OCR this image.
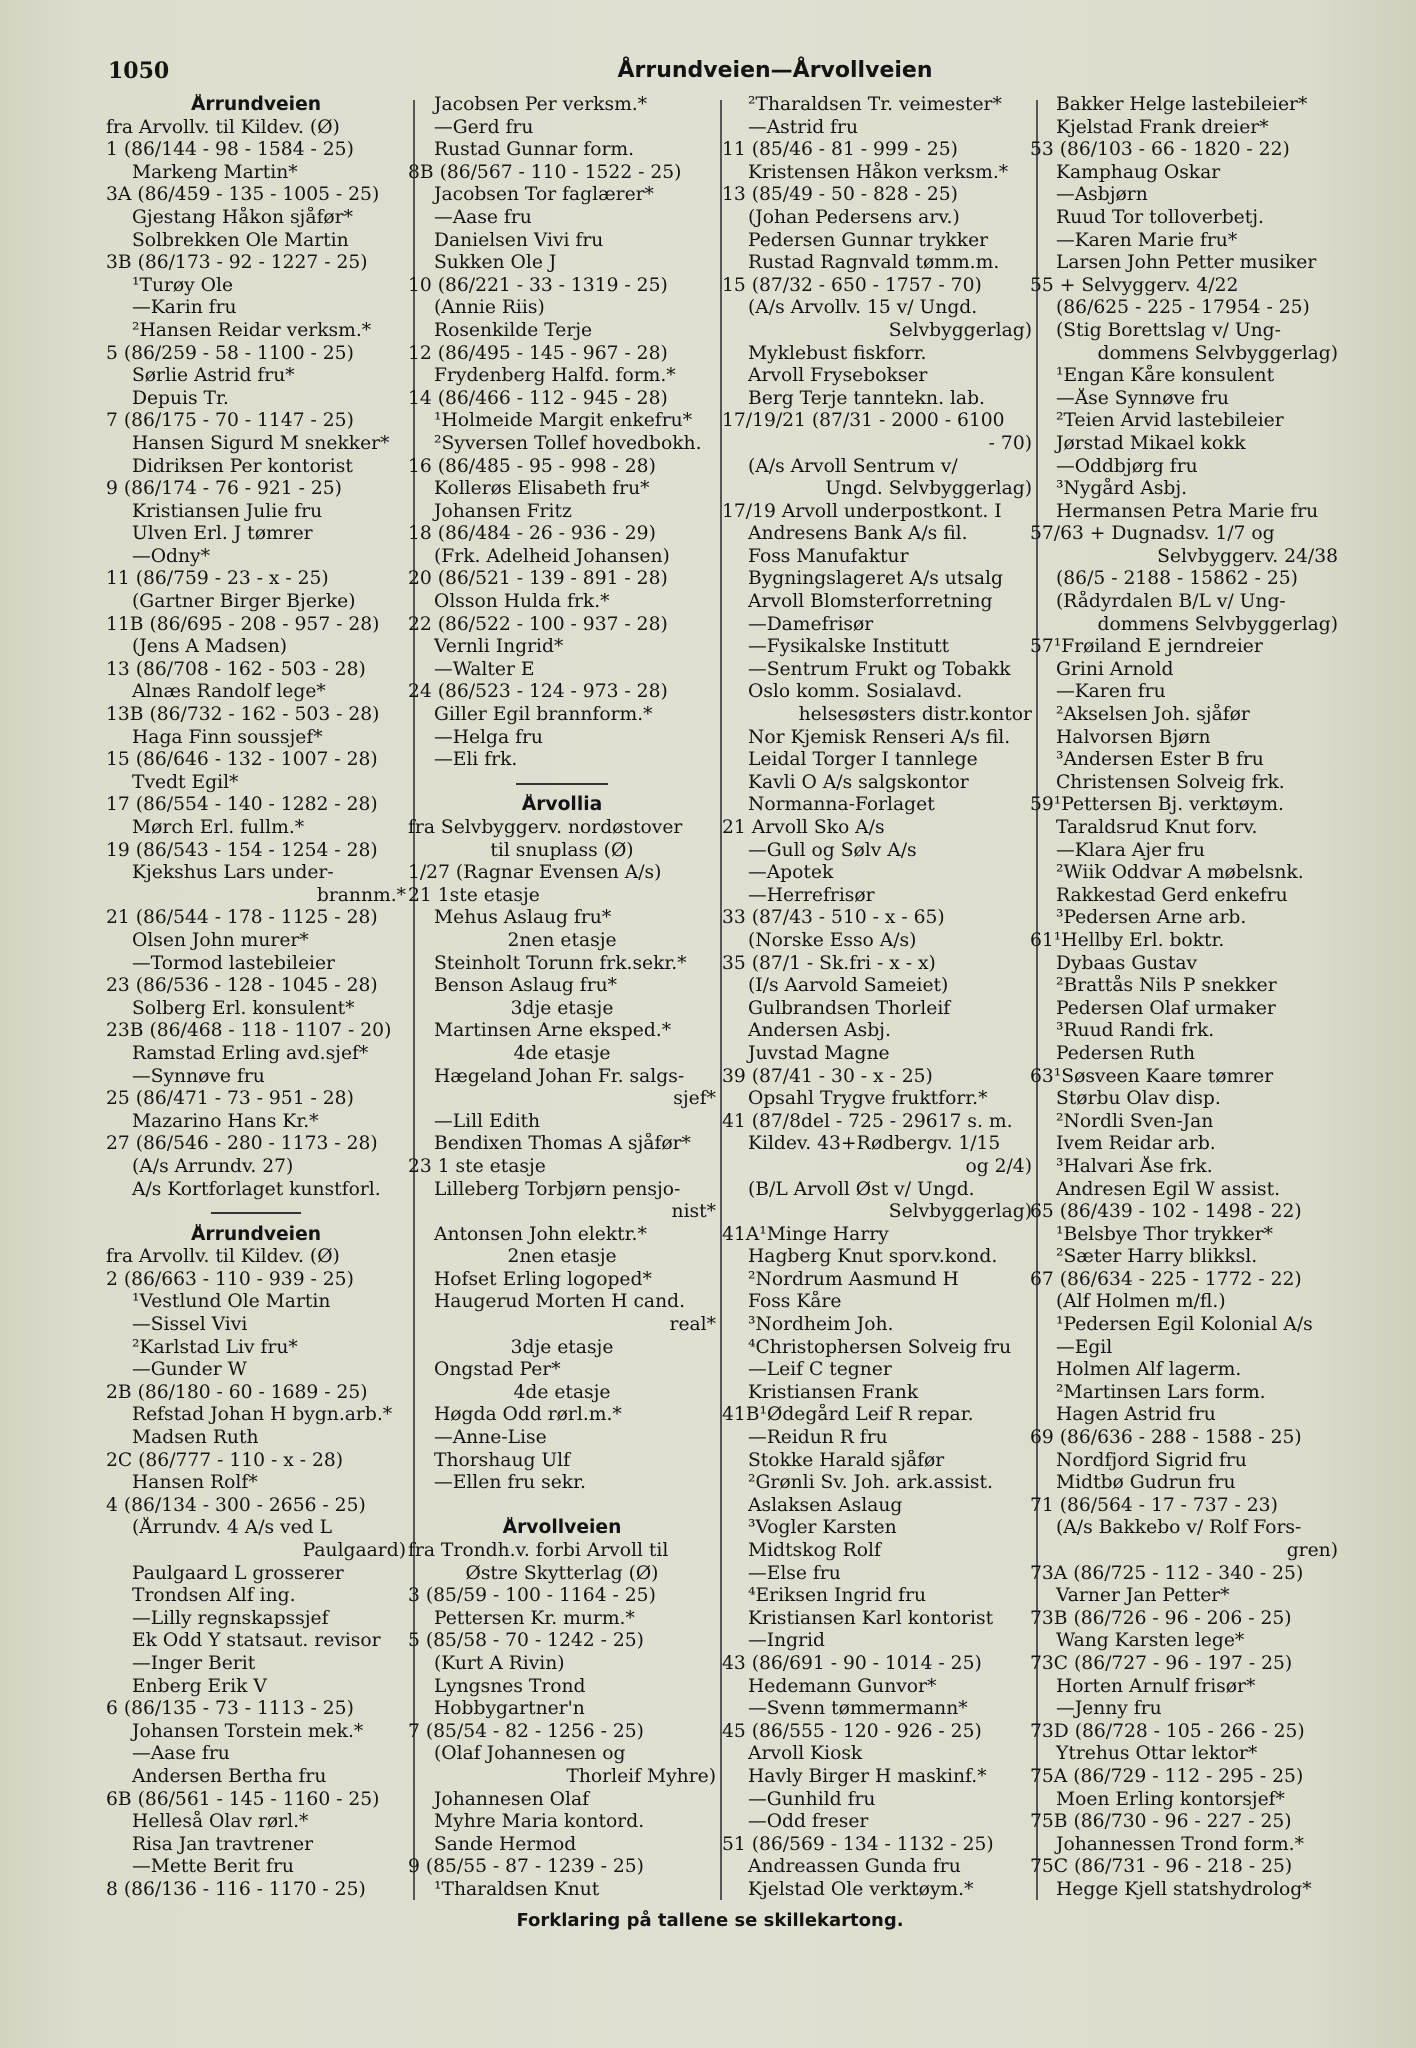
1050	Årrundveien—Årvollveien
Årrundveien
fra Arvollv. til Kildev. (Ø)
1 (86/144 - 98 - 1584 - 25)
Markeng Martin*
3A (86/459 - 135 - 1005 - 25)
Gjestang Håkon sjåfør*
Solbrekken Ole Martin
3B (86/173 - 92 - 1227 - 25)
¹Turøy Ole
—Karin fru
²Hansen Reidar verksm.*
5 (86/259 - 58 - 1100 - 25)
Sørlie Astrid fru*
Depuis Tr.
7 (86/175 - 70 - 1147 - 25)
Hansen Sigurd M snekker*
Didriksen Per kontorist
9 (86/174 - 76 - 921 - 25)
Kristiansen Julie fru
Ulven Erl. J tømrer
—Odny*
11 (86/759 - 23 - x - 25)
(Gartner Birger Bjerke)
11B (86/695 - 208 - 957 - 28)
(Jens A Madsen)
13 (86/708 - 162 - 503 - 28)
Alnæs Randolf lege*
13B (86/732 - 162 - 503 - 28)
Haga Finn soussjef*
15 (86/646 - 132 - 1007 - 28)
Tvedt Egil*
17 (86/554 - 140 - 1282 - 28)
Mørch Erl. fullm.*
19 (86/543 - 154 - 1254 - 28)
Kjekshus Lars under-
brannm.*
21 (86/544 - 178 - 1125 - 28)
Olsen John murer*
—Tormod lastebileier
23 (86/536 - 128 - 1045 - 28)
Solberg Erl. konsulent*
23B (86/468 - 118 - 1107 - 20)
Ramstad Erling avd.sjef*
—Synnøve fru
25 (86/471 - 73 - 951 - 28)
Mazarino Hans Kr.*
27 (86/546 - 280 - 1173 - 28)
(A/s Arrundv. 27)
A/s Kortforlaget kunstforl.
Årrundveien
fra Arvollv. til Kildev. (Ø)
2 (86/663 - 110 - 939 - 25)
¹Vestlund Ole Martin
—Sissel Vivi
²Karlstad Liv fru*
—Gunder W
2B (86/180 - 60 - 1689 - 25)
Refstad Johan H bygn.arb.*
Madsen Ruth
2C (86/777 - 110 - x - 28)
Hansen Rolf*
4 (86/134 - 300 - 2656 - 25)
(Årrundv. 4 A/s ved L
Paulgaard)
Paulgaard L grosserer
Trondsen Alf ing.
—Lilly regnskapssjef
Ek Odd Y statsaut. revisor
—Inger Berit
Enberg Erik V
6 (86/135 - 73 - 1113 - 25)
Johansen Torstein mek.*
—Aase fru
Andersen Bertha fru
6B (86/561 - 145 - 1160 - 25)
Helleså Olav rørl.*
Risa Jan travtrener
—Mette Berit fru
8 (86/136 - 116 - 1170 - 25)
Jacobsen Per verksm.*
—Gerd fru
Rustad Gunnar form.
8B (86/567 - 110 - 1522 - 25)
Jacobsen Tor faglærer*
—Aase fru
Danielsen Vivi fru
Sukken Ole J
10 (86/221 - 33 - 1319 - 25)
(Annie Riis)
Rosenkilde Terje
12 (86/495 - 145 - 967 - 28)
Frydenberg Halfd. form.*
14 (86/466 - 112 - 945 - 28)
¹Holmeide Margit enkefru*
²Syversen Tollef hovedbokh.
16 (86/485 - 95 - 998 - 28)
Kollerøs Elisabeth fru*
Johansen Fritz
18 (86/484 - 26 - 936 - 29)
(Frk. Adelheid Johansen)
20 (86/521 - 139 - 891 - 28)
Olsson Hulda frk.*
22 (86/522 - 100 - 937 - 28)
Vernli Ingrid*
—Walter E
24 (86/523 - 124 - 973 - 28)
Giller Egil brannform.*
—Helga fru
—Eli frk.
Årvollia
fra Selvbyggerv. nordøstover
til snuplass (Ø)
1/27 (Ragnar Evensen A/s)
21 1ste etasje
Mehus Aslaug fru*
2nen etasje
Steinholt Torunn frk.sekr.*
Benson Aslaug fru*
3dje etasje
Martinsen Arne eksped.*
4de etasje
Hægeland Johan Fr. salgs-
sjef*
—Lill Edith
Bendixen Thomas A sjåfør*
23 1 ste etasje
Lilleberg Torbjørn pensjo-
nist*
Antonsen John elektr.*
2nen etasje
Hofset Erling logoped*
Haugerud Morten H cand.
real*
3dje etasje
Ongstad Per*
4de etasje
Høgda Odd rørl.m.*
—Anne-Lise
Thorshaug Ulf
—Ellen fru sekr.
Årvollveien
fra Trondh.v. forbi Arvoll til
Østre Skytterlag (Ø)
3 (85/59 - 100 - 1164 - 25)
Pettersen Kr. murm.*
5 (85/58 - 70 - 1242 - 25)
(Kurt A Rivin)
Lyngsnes Trond
Hobbygartner'n
7 (85/54 - 82 - 1256 - 25)
(Olaf Johannesen og
Thorleif Myhre)
Johannesen Olaf
Myhre Maria kontord.
Sande Hermod
9 (85/55 - 87 - 1239 - 25)
¹Tharaldsen Knut
²Tharaldsen Tr. veimester*
—Astrid fru
11 (85/46 - 81 - 999 - 25)
Kristensen Håkon verksm.*
13 (85/49 - 50 - 828 - 25)
(Johan Pedersens arv.)
Pedersen Gunnar trykker
Rustad Ragnvald tømm.m.
15 (87/32 - 650 - 1757 - 70)
(A/s Arvollv. 15 v/ Ungd.
Selvbyggerlag)
Myklebust fiskforr.
Arvoll Frysebokser
Berg Terje tanntekn. lab.
17/19/21 (87/31 - 2000 - 6100
- 70)
(A/s Arvoll Sentrum v/
Ungd. Selvbyggerlag)
17/19 Arvoll underpostkont. I
Andresens Bank A/s fil.
Foss Manufaktur
Bygningslageret A/s utsalg
Arvoll Blomsterforretning
—Damefrisør
—Fysikalske Institutt
—Sentrum Frukt og Tobakk
Oslo komm. Sosialavd.
helsesøsters distr.kontor
Nor Kjemisk Renseri A/s fil.
Leidal Torger I tannlege
Kavli O A/s salgskontor
Normanna-Forlaget
21 Arvoll Sko A/s
—Gull og Sølv A/s
—Apotek
—Herrefrisør
33 (87/43 - 510 - x - 65)
(Norske Esso A/s)
35 (87/1 - Sk.fri - x - x)
(I/s Aarvold Sameiet)
Gulbrandsen Thorleif
Andersen Asbj.
Juvstad Magne
39 (87/41 - 30 - x - 25)
Opsahl Trygve fruktforr.*
41 (87/8del - 725 - 29617 s. m.
Kildev. 43+Rødbergv. 1/15
og 2/4)
(B/L Arvoll Øst v/ Ungd.
Selvbyggerlag)
41A¹Minge Harry
Hagberg Knut sporv.kond.
²Nordrum Aasmund H
Foss Kåre
³Nordheim Joh.
⁴Christophersen Solveig fru
—Leif C tegner
Kristiansen Frank
41B¹Ødegård Leif R repar.
—Reidun R fru
Stokke Harald sjåfør
²Grønli Sv. Joh. ark.assist.
Aslaksen Aslaug
³Vogler Karsten
Midtskog Rolf
—Else fru
⁴Eriksen Ingrid fru
Kristiansen Karl kontorist
—Ingrid
43 (86/691 - 90 - 1014 - 25)
Hedemann Gunvor*
—Svenn tømmermann*
45 (86/555 - 120 - 926 - 25)
Arvoll Kiosk
Havly Birger H maskinf.*
—Gunhild fru
—Odd freser
51 (86/569 - 134 - 1132 - 25)
Andreassen Gunda fru
Kjelstad Ole verktøym.*
Bakker Helge lastebileier*
Kjelstad Frank dreier*
53 (86/103 - 66 - 1820 - 22)
Kamphaug Oskar
—Asbjørn
Ruud Tor tolloverbetj.
—Karen Marie fru*
Larsen John Petter musiker
55 + Selvyggerv. 4/22
(86/625 - 225 - 17954 - 25)
(Stig Borettslag v/ Ung-
dommens Selvbyggerlag)
¹Engan Kåre konsulent
—Åse Synnøve fru
²Teien Arvid lastebileier
Jørstad Mikael kokk
—Oddbjørg fru
³Nygård Asbj.
Hermansen Petra Marie fru
57/63 + Dugnadsv. 1/7 og
Selvbyggerv. 24/38
(86/5 - 2188 - 15862 - 25)
(Rådyrdalen B/L v/ Ung-
dommens Selvbyggerlag)
57¹Frøiland E jerndreier
Grini Arnold
—Karen fru
²Akselsen Joh. sjåfør
Halvorsen Bjørn
³Andersen Ester B fru
Christensen Solveig frk.
59¹Pettersen Bj. verktøym.
Taraldsrud Knut forv.
—Klara Ajer fru
²Wiik Oddvar A møbelsnk.
Rakkestad Gerd enkefru
³Pedersen Arne arb.
61¹Hellby Erl. boktr.
Dybaas Gustav
²Brattås Nils P snekker
Pedersen Olaf urmaker
³Ruud Randi frk.
Pedersen Ruth
63¹Søsveen Kaare tømrer
Størbu Olav disp.
²Nordli Sven-Jan
Ivem Reidar arb.
³Halvari Åse frk.
Andresen Egil W assist.
65 (86/439 - 102 - 1498 - 22)
¹Belsbye Thor trykker*
²Sæter Harry blikksl.
67 (86/634 - 225 - 1772 - 22)
(Alf Holmen m/fl.)
¹Pedersen Egil Kolonial A/s
—Egil
Holmen Alf lagerm.
²Martinsen Lars form.
Hagen Astrid fru
69 (86/636 - 288 - 1588 - 25)
Nordfjord Sigrid fru
Midtbø Gudrun fru
71 (86/564 - 17 - 737 - 23)
(A/s Bakkebo v/ Rolf Fors-
gren)
73A (86/725 - 112 - 340 - 25)
Varner Jan Petter*
73B (86/726 - 96 - 206 - 25)
Wang Karsten lege*
73C (86/727 - 96 - 197 - 25)
Horten Arnulf frisør*
—Jenny fru
73D (86/728 - 105 - 266 - 25)
Ytrehus Ottar lektor*
75A (86/729 - 112 - 295 - 25)
Moen Erling kontorsjef*
75B (86/730 - 96 - 227 - 25)
Johannessen Trond form.*
75C (86/731 - 96 - 218 - 25)
Hegge Kjell statshydrolog*
Forklaring på tallene se skillekartong.
